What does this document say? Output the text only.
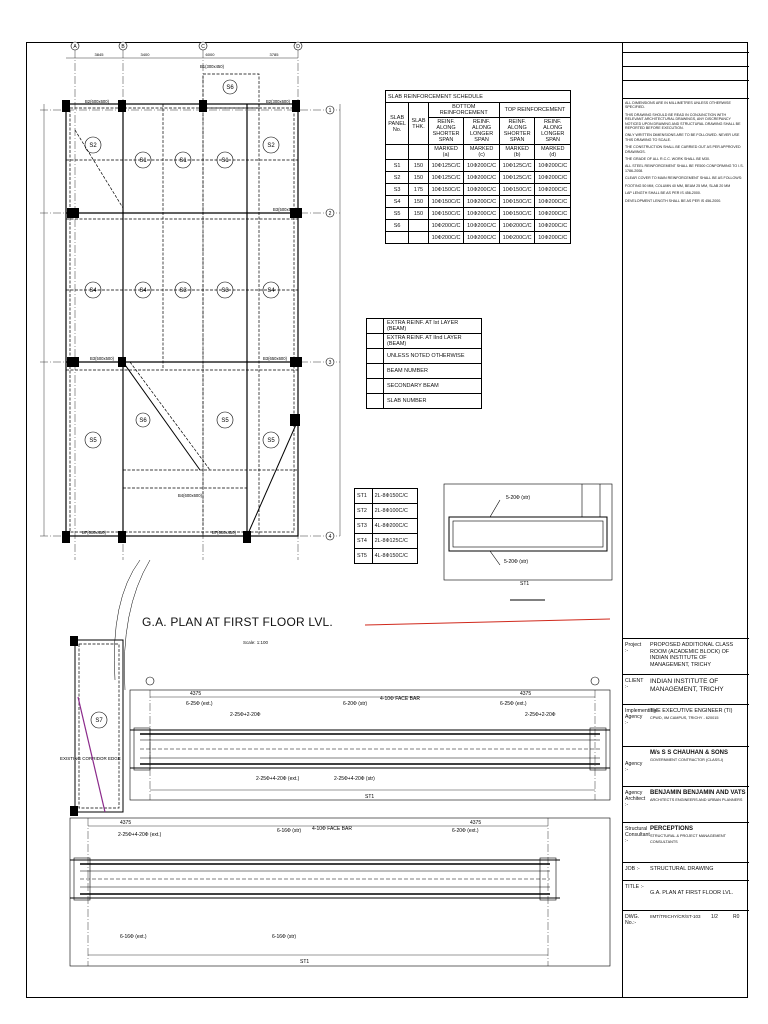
S2
S1	S1	S1
S2
S6
S4	S4	S3	S3	S4
S5
S6	S5
S5
S7
A	B	C	D
1
2
3
4
3845	3400	6000	3785
B1(300x450)
B2(600x600)	B2(300x600)
B3(500x500)
B3(650x600)
B3(500x500)
B7(600x450)	B7(600x450)
B4(600x600)
EXISTING CORRIDOR EDGE
5-20Ф (str)
5-20Ф (str)
ST1
6-25Ф (ext.)
2-25Ф+2-20Ф
6-20Ф (str)
4-10Ф FACE BAR
6-25Ф (ext.)
2-25Ф+2-20Ф
2-25Ф+4-20Ф (ext.)	2-25Ф+4-20Ф (str)
ST1
4375	4375
2-25Ф+4-20Ф (ext.)
6-16Ф (str) 4-10Ф FACE BAR	6-20Ф (ext.)
6-16Ф (ext.)	6-16Ф (str)
ST1
4375	4375
G.A. PLAN AT FIRST FLOOR LVL.
Scale: 1:100
SLAB REINFORCEMENT SCHEDULE					
SLAB PANEL No.	SLAB THK.	BOTTOM REINFORCEMENT		TOP REINFORCEMENT	
		REINF. ALONG SHORTER SPAN	REINF. ALONG LONGER SPAN	REINF. ALONG SHORTER SPAN	REINF. ALONG LONGER SPAN
		MARKED (a)	MARKED (c)	MARKED (b)	MARKED (d)
S1	150	10Ф125C/C	10Ф200C/C	10Ф125C/C	10Ф200C/C
S2	150	10Ф125C/C	10Ф200C/C	10Ф125C/C	10Ф200C/C
S3	175	10Ф150C/C	10Ф200C/C	10Ф150C/C	10Ф200C/C
S4	150	10Ф150C/C	10Ф200C/C	10Ф150C/C	10Ф200C/C
S5	150	10Ф150C/C	10Ф200C/C	10Ф150C/C	10Ф200C/C
S6		10Ф200C/C	10Ф200C/C	10Ф200C/C	10Ф200C/C
		10Ф200C/C	10Ф200C/C	10Ф200C/C	10Ф200C/C
	EXTRA REINF. AT Ist LAYER (BEAM)
	EXTRA REINF. AT IInd LAYER (BEAM)
	UNLESS NOTED OTHERWISE
	BEAM NUMBER
	SECONDARY BEAM
	SLAB NUMBER
ST1	2L-8Ф150C/C
ST2	2L-8Ф100C/C
ST3	4L-8Ф200C/C
ST4	2L-8Ф125C/C
ST5	4L-8Ф150C/C
ALL DIMENSIONS ARE IN MILLIMETRES UNLESS OTHERWISE SPECIFIED.
THIS DRAWING SHOULD BE READ IN CONJUNCTION WITH RELEVANT ARCHITECTURAL DRAWINGS, ANY DISCREPANCY NOTICED UPON DRAWING AND STRUCTURAL DRAWING SHALL BE REPORTED BEFORE EXECUTION.
ONLY WRITTEN DIMENSIONS ARE TO BE FOLLOWED. NEVER USE THIS DRAWING TO SCALE.
THE CONSTRUCTION SHALL BE CARRIED OUT AS PER APPROVED DRAWINGS.
THE GRADE OF ALL R.C.C. WORK SHALL BE M30.
ALL STEEL REINFORCEMENT SHALL BE FE500 CONFORMING TO I.S. 1786-2008.
CLEAR COVER TO MAIN REINFORCEMENT SHALL BE AS FOLLOWS:
FOOTING 50 MM, COLUMN 40 MM, BEAM 25 MM, SLAB 20 MM
LAP LENGTH SHALL BE AS PER IS 456-2000.
DEVELOPMENT LENGTH SHALL BE AS PER IS 456-2000.
Project :-
PROPOSED ADDITIONAL CLASS ROOM (ACADEMIC BLOCK) OF INDIAN INSTITUTE OF MANAGEMENT, TRICHY
CLIENT :-
INDIAN INSTITUTE OF MANAGEMENT, TRICHY
Implementing Agency :-
THE EXECUTIVE ENGINEER (TI)
CPWD, IIM CAMPUS, TRICHY - 620015
Agency :-
M/s S S CHAUHAN & SONS
GOVERNMENT CONTRACTOR (CLASS-I)
Agency Architect :-
BENJAMIN BENJAMIN AND VATS
ARCHITECTS ENGINEERS AND URBAN PLANNERS
Structural Consultant :-
PERCEPTIONS
STRUCTURAL & PROJECT MANAGEMENT CONSULTANTS
JOB :-	STRUCTURAL DRAWING
TITLE :-
G.A. PLAN AT FIRST FLOOR LVL.
DWG. No.:-
IIMT/TRICHY/CR/ST-103	1/2	R0
